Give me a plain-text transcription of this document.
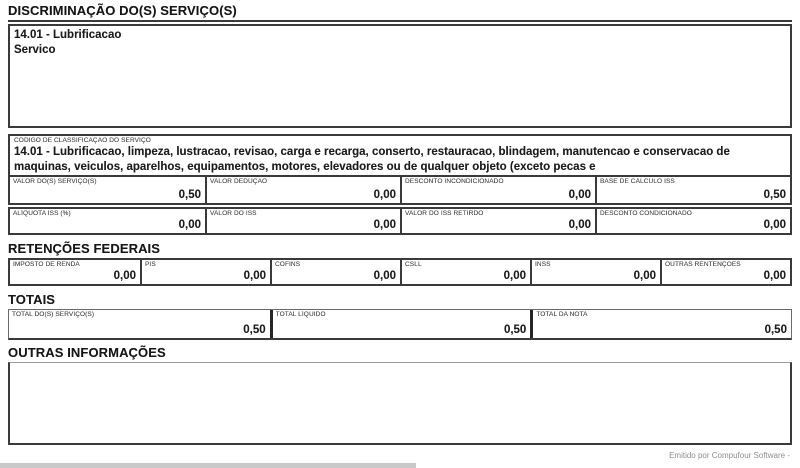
DISCRIMINAÇÃO DO(S) SERVIÇO(S)
14.01 - Lubrificacao
Servico
CÓDIGO DE CLASSIFICAÇÃO DO SERVIÇO
14.01 - Lubrificacao, limpeza, lustracao, revisao, carga e recarga, conserto, restauracao, blindagem, manutencao e conservacao de maquinas, veiculos, aparelhos, equipamentos, motores, elevadores ou de qualquer objeto (exceto pecas e
VALOR DO(S) SERVIÇO(S)
0,50
VALOR DEDUÇÃO
0,00
DESCONTO INCONDICIONADO
0,00
BASE DE CÁLCULO ISS
0,50
ALÍQUOTA ISS (%)
0,00
VALOR DO ISS
0,00
VALOR DO ISS RETIRDO
0,00
DESCONTO CONDICIONADO
0,00
RETENÇÕES FEDERAIS
IMPOSTO DE RENDA
0,00
PIS
0,00
COFINS
0,00
CSLL
0,00
INSS
0,00
OUTRAS RENTENÇÕES
0,00
TOTAIS
TOTAL DO(S) SERVIÇO(S)
0,50
TOTAL LÍQUIDO
0,50
TOTAL DA NOTA
0,50
OUTRAS INFORMAÇÕES
Emitido por Compufour Software -
